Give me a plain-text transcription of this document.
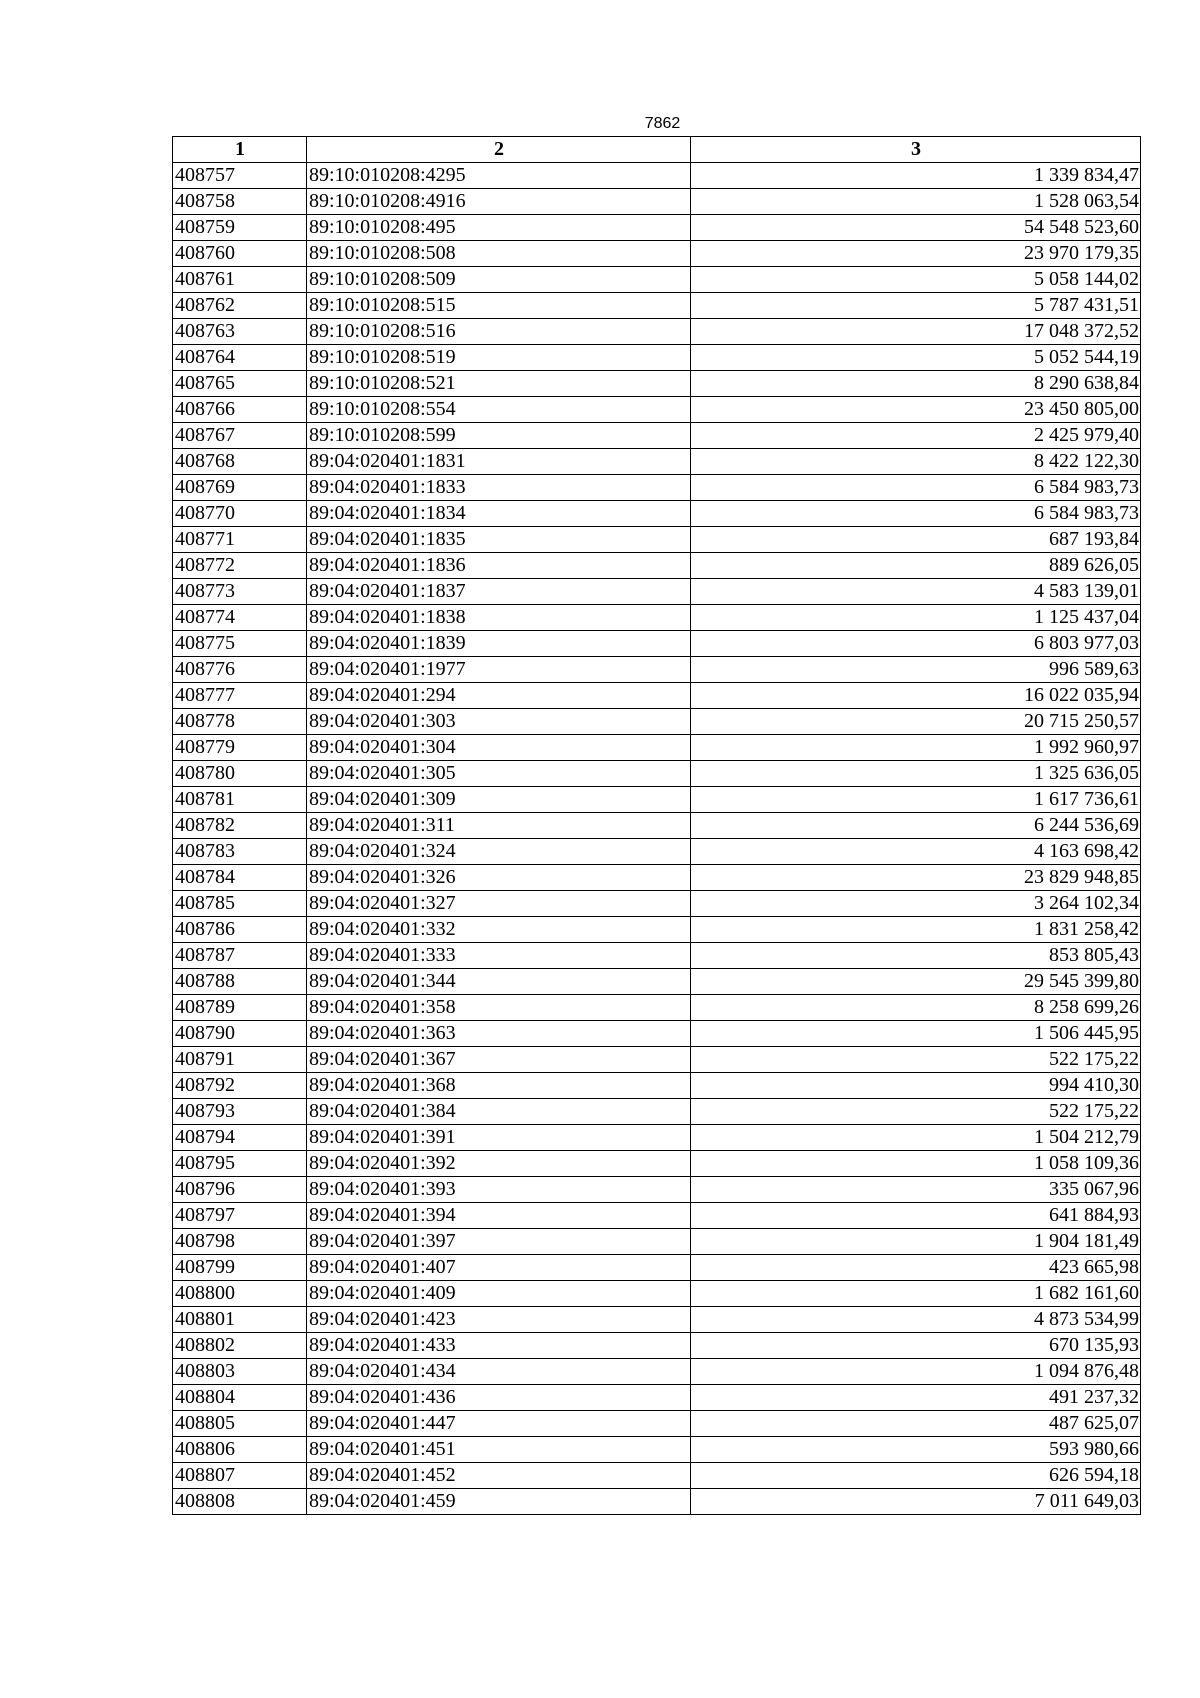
7862
1	2	3
408757	89:10:010208:4295	1 339 834,47
408758	89:10:010208:4916	1 528 063,54
408759	89:10:010208:495	54 548 523,60
408760	89:10:010208:508	23 970 179,35
408761	89:10:010208:509	5 058 144,02
408762	89:10:010208:515	5 787 431,51
408763	89:10:010208:516	17 048 372,52
408764	89:10:010208:519	5 052 544,19
408765	89:10:010208:521	8 290 638,84
408766	89:10:010208:554	23 450 805,00
408767	89:10:010208:599	2 425 979,40
408768	89:04:020401:1831	8 422 122,30
408769	89:04:020401:1833	6 584 983,73
408770	89:04:020401:1834	6 584 983,73
408771	89:04:020401:1835	687 193,84
408772	89:04:020401:1836	889 626,05
408773	89:04:020401:1837	4 583 139,01
408774	89:04:020401:1838	1 125 437,04
408775	89:04:020401:1839	6 803 977,03
408776	89:04:020401:1977	996 589,63
408777	89:04:020401:294	16 022 035,94
408778	89:04:020401:303	20 715 250,57
408779	89:04:020401:304	1 992 960,97
408780	89:04:020401:305	1 325 636,05
408781	89:04:020401:309	1 617 736,61
408782	89:04:020401:311	6 244 536,69
408783	89:04:020401:324	4 163 698,42
408784	89:04:020401:326	23 829 948,85
408785	89:04:020401:327	3 264 102,34
408786	89:04:020401:332	1 831 258,42
408787	89:04:020401:333	853 805,43
408788	89:04:020401:344	29 545 399,80
408789	89:04:020401:358	8 258 699,26
408790	89:04:020401:363	1 506 445,95
408791	89:04:020401:367	522 175,22
408792	89:04:020401:368	994 410,30
408793	89:04:020401:384	522 175,22
408794	89:04:020401:391	1 504 212,79
408795	89:04:020401:392	1 058 109,36
408796	89:04:020401:393	335 067,96
408797	89:04:020401:394	641 884,93
408798	89:04:020401:397	1 904 181,49
408799	89:04:020401:407	423 665,98
408800	89:04:020401:409	1 682 161,60
408801	89:04:020401:423	4 873 534,99
408802	89:04:020401:433	670 135,93
408803	89:04:020401:434	1 094 876,48
408804	89:04:020401:436	491 237,32
408805	89:04:020401:447	487 625,07
408806	89:04:020401:451	593 980,66
408807	89:04:020401:452	626 594,18
408808	89:04:020401:459	7 011 649,03
